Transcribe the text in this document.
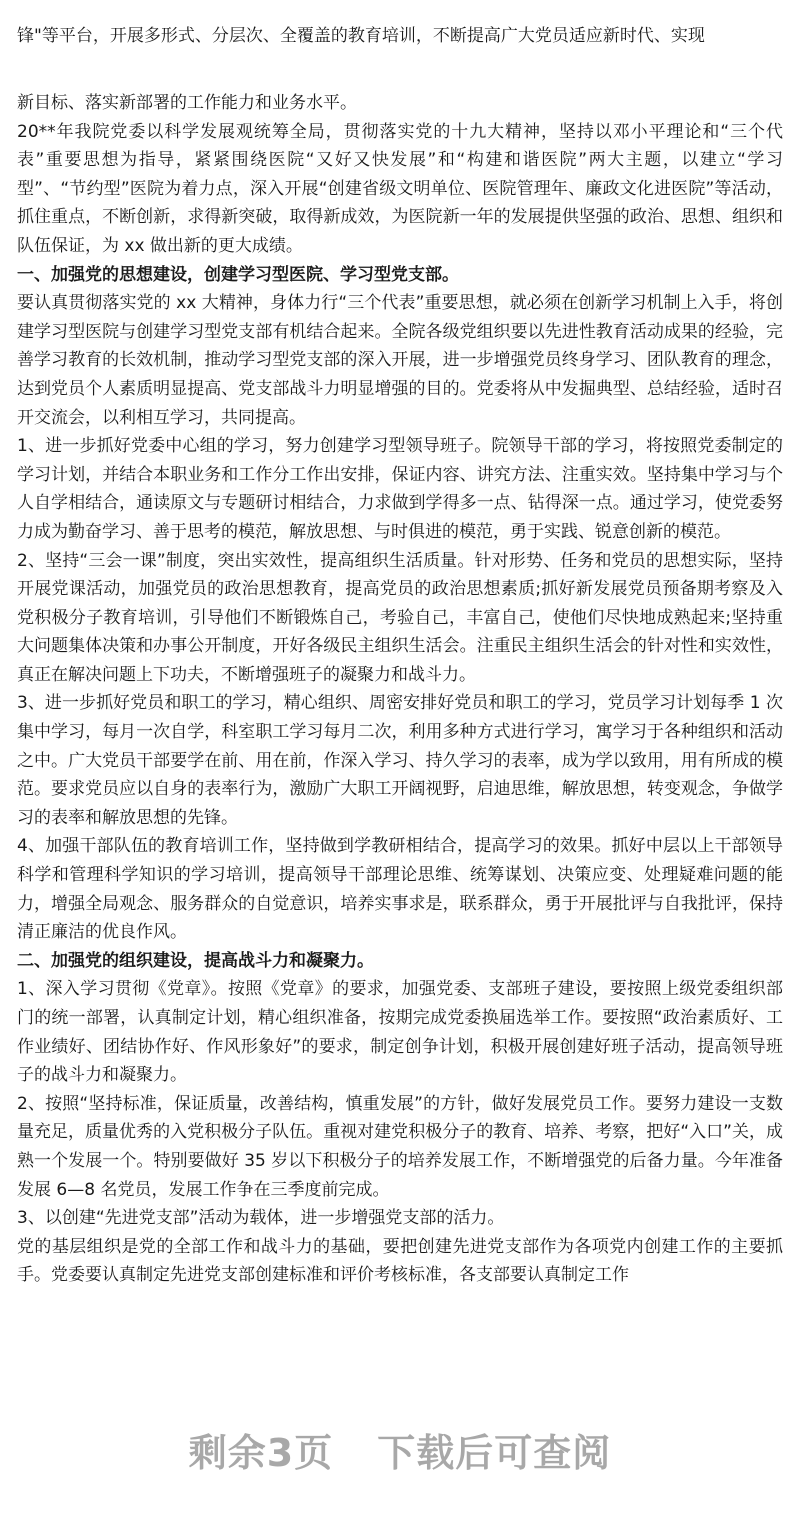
锋"等平台，开展多形式、分层次、全覆盖的教育培训，不断提高广大党员适应新时代、实现

新目标、落实新部署的工作能力和业务水平。

20**年我院党委以科学发展观统筹全局，贯彻落实党的十九大精神，坚持以邓小平理论和“三个代表”重要思想为指导，紧紧围绕医院“又好又快发展”和“构建和谐医院”两大主题，以建立“学习型”、“节约型”医院为着力点，深入开展“创建省级文明单位、医院管理年、廉政文化进医院”等活动，抓住重点，不断创新，求得新突破，取得新成效，为医院新一年的发展提供坚强的政治、思想、组织和队伍保证，为 xx 做出新的更大成绩。

一、加强党的思想建设，创建学习型医院、学习型党支部。

要认真贯彻落实党的 xx 大精神，身体力行“三个代表”重要思想，就必须在创新学习机制上入手，将创建学习型医院与创建学习型党支部有机结合起来。全院各级党组织要以先进性教育活动成果的经验，完善学习教育的长效机制，推动学习型党支部的深入开展，进一步增强党员终身学习、团队教育的理念，达到党员个人素质明显提高、党支部战斗力明显增强的目的。党委将从中发掘典型、总结经验，适时召开交流会，以利相互学习，共同提高。

1、进一步抓好党委中心组的学习，努力创建学习型领导班子。院领导干部的学习，将按照党委制定的学习计划，并结合本职业务和工作分工作出安排，保证内容、讲究方法、注重实效。坚持集中学习与个人自学相结合，通读原文与专题研讨相结合，力求做到学得多一点、钻得深一点。通过学习，使党委努力成为勤奋学习、善于思考的模范，解放思想、与时俱进的模范，勇于实践、锐意创新的模范。

2、坚持“三会一课”制度，突出实效性，提高组织生活质量。针对形势、任务和党员的思想实际，坚持开展党课活动，加强党员的政治思想教育，提高党员的政治思想素质;抓好新发展党员预备期考察及入党积极分子教育培训，引导他们不断锻炼自己，考验自己，丰富自己，使他们尽快地成熟起来;坚持重大问题集体决策和办事公开制度，开好各级民主组织生活会。注重民主组织生活会的针对性和实效性，真正在解决问题上下功夫，不断增强班子的凝聚力和战斗力。

3、进一步抓好党员和职工的学习，精心组织、周密安排好党员和职工的学习，党员学习计划每季 1 次集中学习，每月一次自学，科室职工学习每月二次，利用多种方式进行学习，寓学习于各种组织和活动之中。广大党员干部要学在前、用在前，作深入学习、持久学习的表率，成为学以致用，用有所成的模范。要求党员应以自身的表率行为，激励广大职工开阔视野，启迪思维，解放思想，转变观念，争做学习的表率和解放思想的先锋。

4、加强干部队伍的教育培训工作，坚持做到学教研相结合，提高学习的效果。抓好中层以上干部领导科学和管理科学知识的学习培训，提高领导干部理论思维、统筹谋划、决策应变、处理疑难问题的能力，增强全局观念、服务群众的自觉意识，培养实事求是，联系群众，勇于开展批评与自我批评，保持清正廉洁的优良作风。

二、加强党的组织建设，提高战斗力和凝聚力。

1、深入学习贯彻《党章》。按照《党章》的要求，加强党委、支部班子建设，要按照上级党委组织部门的统一部署，认真制定计划，精心组织准备，按期完成党委换届选举工作。要按照“政治素质好、工作业绩好、团结协作好、作风形象好”的要求，制定创争计划，积极开展创建好班子活动，提高领导班子的战斗力和凝聚力。

2、按照“坚持标准，保证质量，改善结构，慎重发展”的方针，做好发展党员工作。要努力建设一支数量充足，质量优秀的入党积极分子队伍。重视对建党积极分子的教育、培养、考察，把好“入口”关，成熟一个发展一个。特别要做好 35 岁以下积极分子的培养发展工作，不断增强党的后备力量。今年准备发展 6—8 名党员，发展工作争在三季度前完成。

3、以创建“先进党支部”活动为载体，进一步增强党支部的活力。

党的基层组织是党的全部工作和战斗力的基础，要把创建先进党支部作为各项党内创建工作的主要抓手。党委要认真制定先进党支部创建标准和评价考核标准，各支部要认真制定工作

剩余3页 下载后可查阅
